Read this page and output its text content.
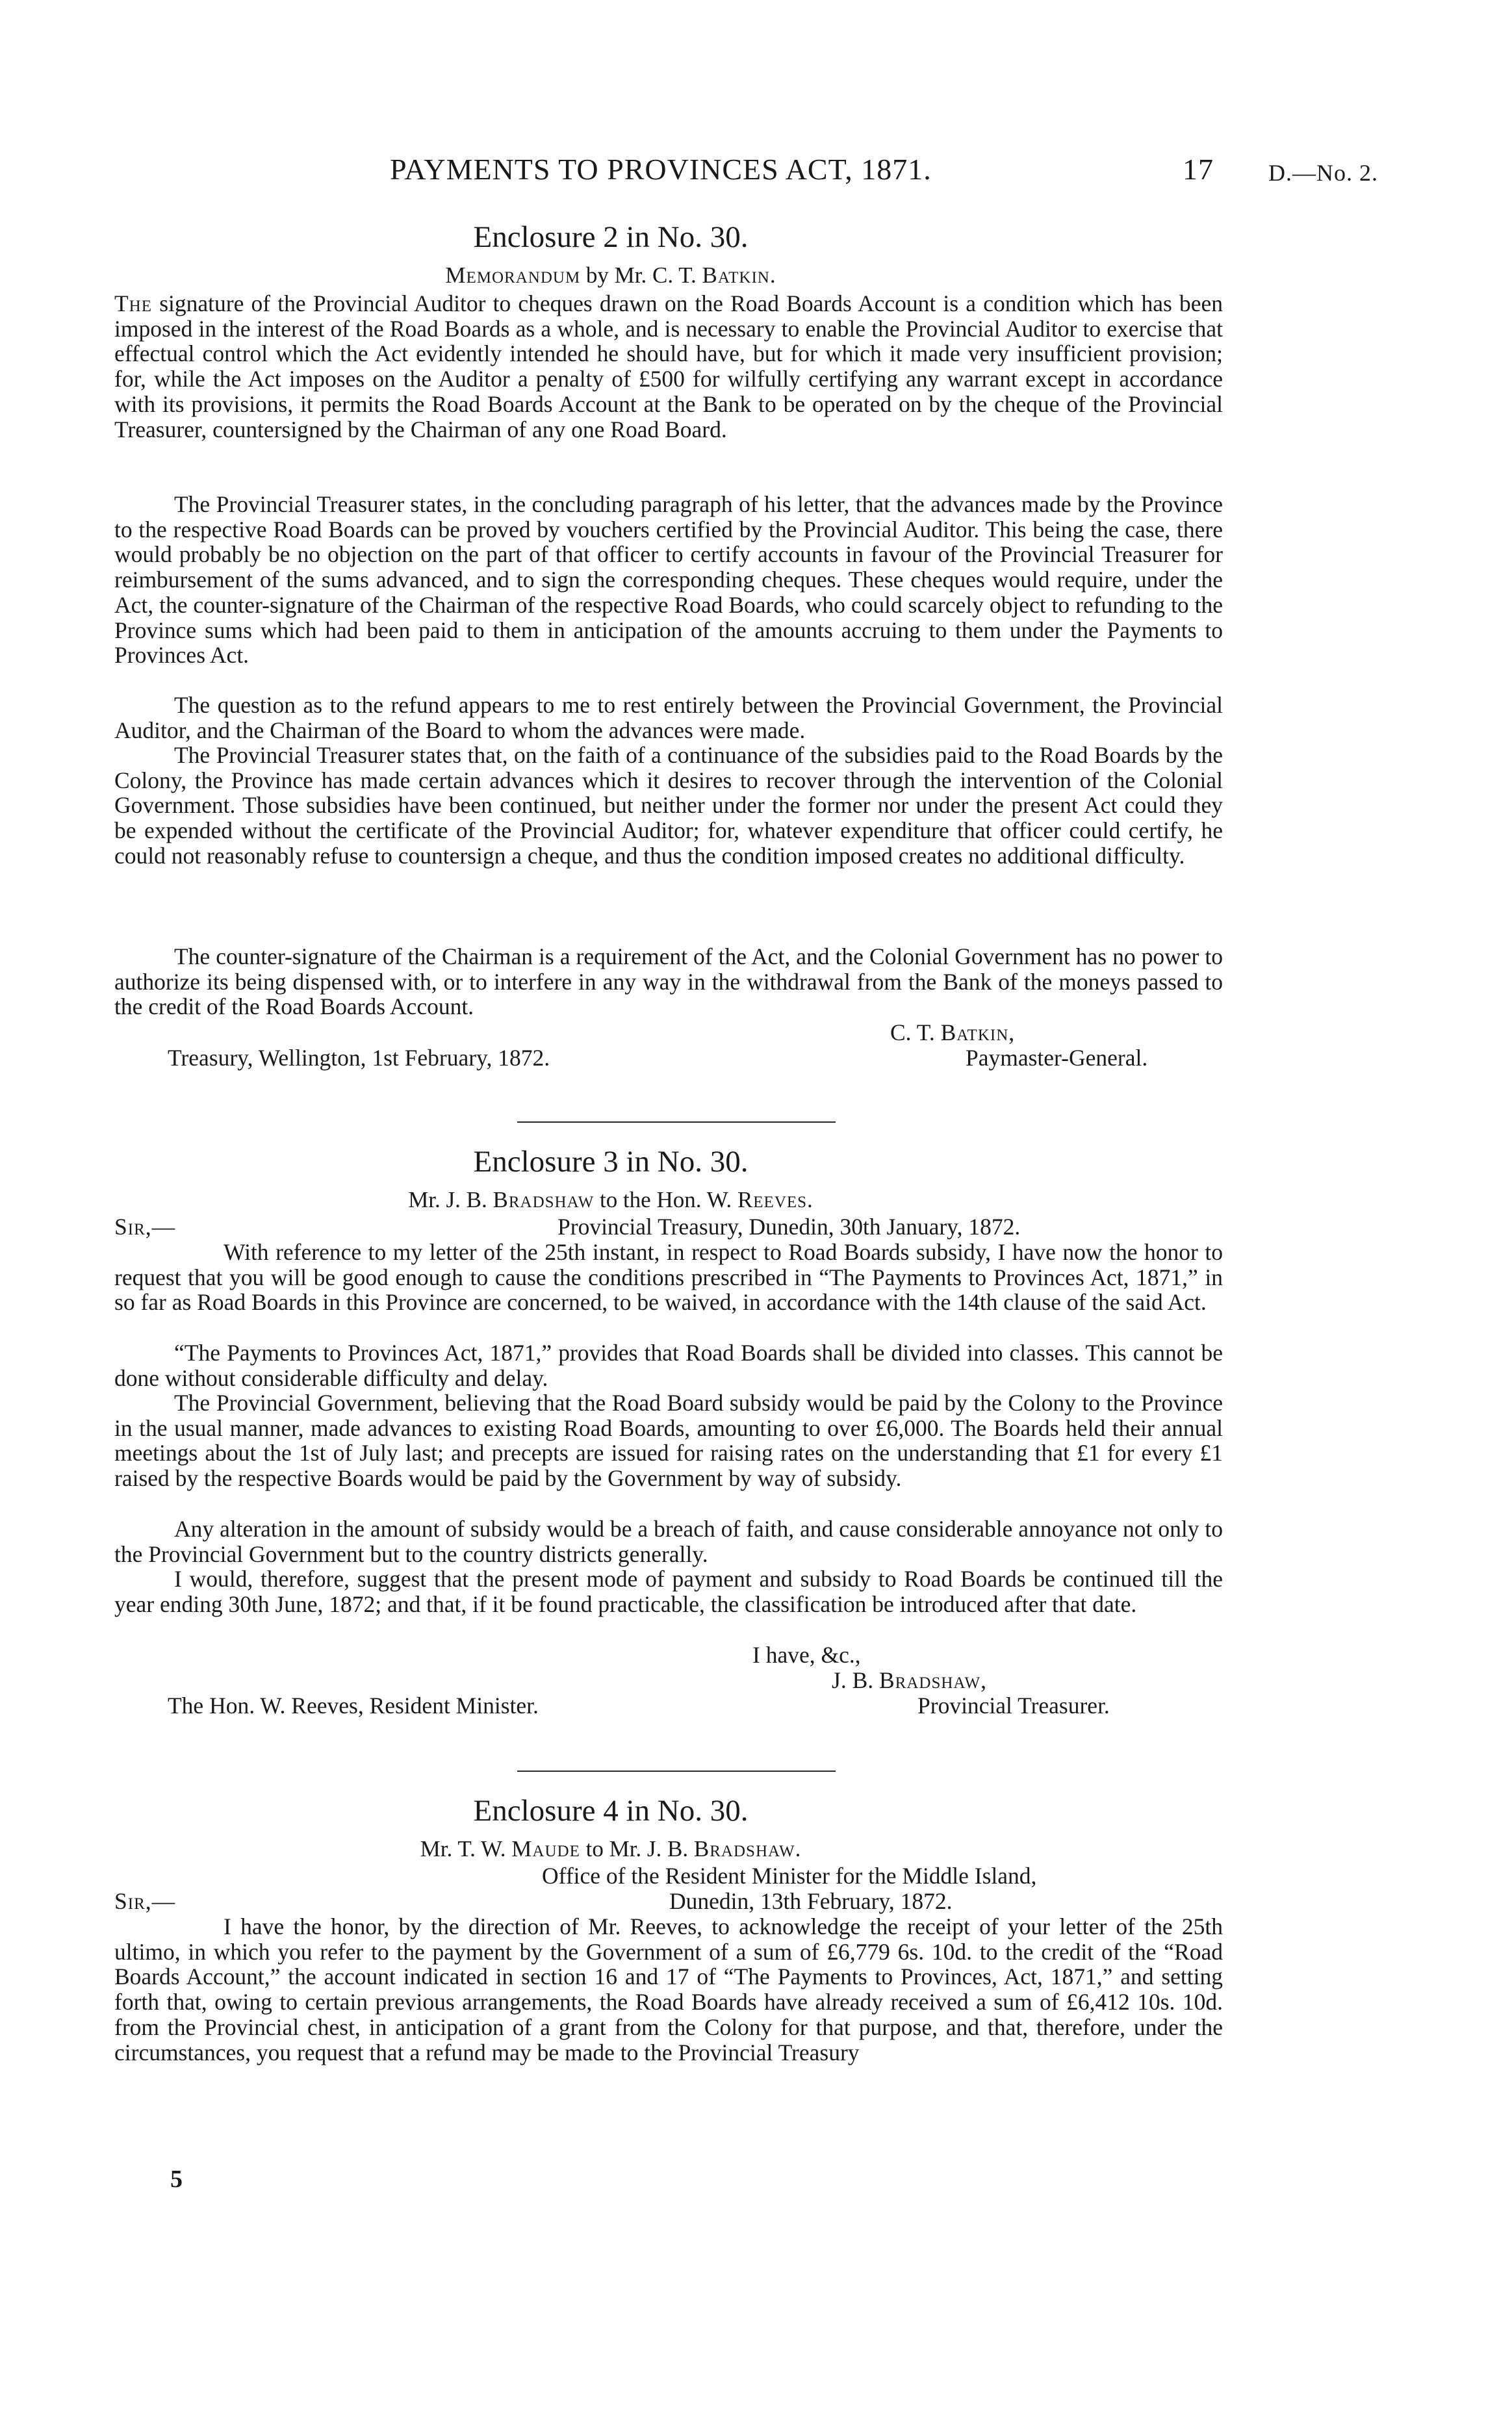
PAYMENTS TO PROVINCES ACT, 1871.	17 D.—No. 2.
Enclosure 2 in No. 30.
Memorandum by Mr. C. T. Batkin.

The signature of the Provincial Auditor to cheques drawn on the Road Boards Account is a condition which has been imposed in the interest of the Road Boards as a whole, and is necessary to enable the Provincial Auditor to exercise that effectual control which the Act evidently intended he should have, but for which it made very insufficient provision; for, while the Act imposes on the Auditor a penalty of £500 for wilfully certifying any warrant except in accordance with its provisions, it permits the Road Boards Account at the Bank to be operated on by the cheque of the Provincial Treasurer, countersigned by the Chairman of any one Road Board.

The Provincial Treasurer states, in the concluding paragraph of his letter, that the advances made by the Province to the respective Road Boards can be proved by vouchers certified by the Provincial Auditor. This being the case, there would probably be no objection on the part of that officer to certify accounts in favour of the Provincial Treasurer for reimbursement of the sums advanced, and to sign the corresponding cheques. These cheques would require, under the Act, the counter-signature of the Chairman of the respective Road Boards, who could scarcely object to refunding to the Province sums which had been paid to them in anticipation of the amounts accruing to them under the Payments to Provinces Act.

The question as to the refund appears to me to rest entirely between the Provincial Government, the Provincial Auditor, and the Chairman of the Board to whom the advances were made.

The Provincial Treasurer states that, on the faith of a continuance of the subsidies paid to the Road Boards by the Colony, the Province has made certain advances which it desires to recover through the intervention of the Colonial Government. Those subsidies have been continued, but neither under the former nor under the present Act could they be expended without the certificate of the Provincial Auditor; for, whatever expenditure that officer could certify, he could not reasonably refuse to countersign a cheque, and thus the condition imposed creates no additional difficulty.

The counter-signature of the Chairman is a requirement of the Act, and the Colonial Government has no power to authorize its being dispensed with, or to interfere in any way in the withdrawal from the Bank of the moneys passed to the credit of the Road Boards Account.

C. T. Batkin,
Treasury, Wellington, 1st February, 1872.	Paymaster-General.
Enclosure 3 in No. 30.
Mr. J. B. Bradshaw to the Hon. W. Reeves.
Sir,—	Provincial Treasury, Dunedin, 30th January, 1872.

With reference to my letter of the 25th instant, in respect to Road Boards subsidy, I have now the honor to request that you will be good enough to cause the conditions prescribed in “The Payments to Provinces Act, 1871,” in so far as Road Boards in this Province are concerned, to be waived, in accordance with the 14th clause of the said Act.

“The Payments to Provinces Act, 1871,” provides that Road Boards shall be divided into classes. This cannot be done without considerable difficulty and delay.

The Provincial Government, believing that the Road Board subsidy would be paid by the Colony to the Province in the usual manner, made advances to existing Road Boards, amounting to over £6,000. The Boards held their annual meetings about the 1st of July last; and precepts are issued for raising rates on the understanding that £1 for every £1 raised by the respective Boards would be paid by the Government by way of subsidy.

Any alteration in the amount of subsidy would be a breach of faith, and cause considerable annoyance not only to the Provincial Government but to the country districts generally.

I would, therefore, suggest that the present mode of payment and subsidy to Road Boards be continued till the year ending 30th June, 1872; and that, if it be found practicable, the classification be introduced after that date.

I have, &c.,
J. B. Bradshaw,
The Hon. W. Reeves, Resident Minister.	Provincial Treasurer.
Enclosure 4 in No. 30.
Mr. T. W. Maude to Mr. J. B. Bradshaw.
Office of the Resident Minister for the Middle Island,
Sir,—	Dunedin, 13th February, 1872.

I have the honor, by the direction of Mr. Reeves, to acknowledge the receipt of your letter of the 25th ultimo, in which you refer to the payment by the Government of a sum of £6,779 6s. 10d. to the credit of the “Road Boards Account,” the account indicated in section 16 and 17 of “The Payments to Provinces, Act, 1871,” and setting forth that, owing to certain previous arrangements, the Road Boards have already received a sum of £6,412 10s. 10d. from the Provincial chest, in anticipation of a grant from the Colony for that purpose, and that, therefore, under the circumstances, you request that a refund may be made to the Provincial Treasury

5
